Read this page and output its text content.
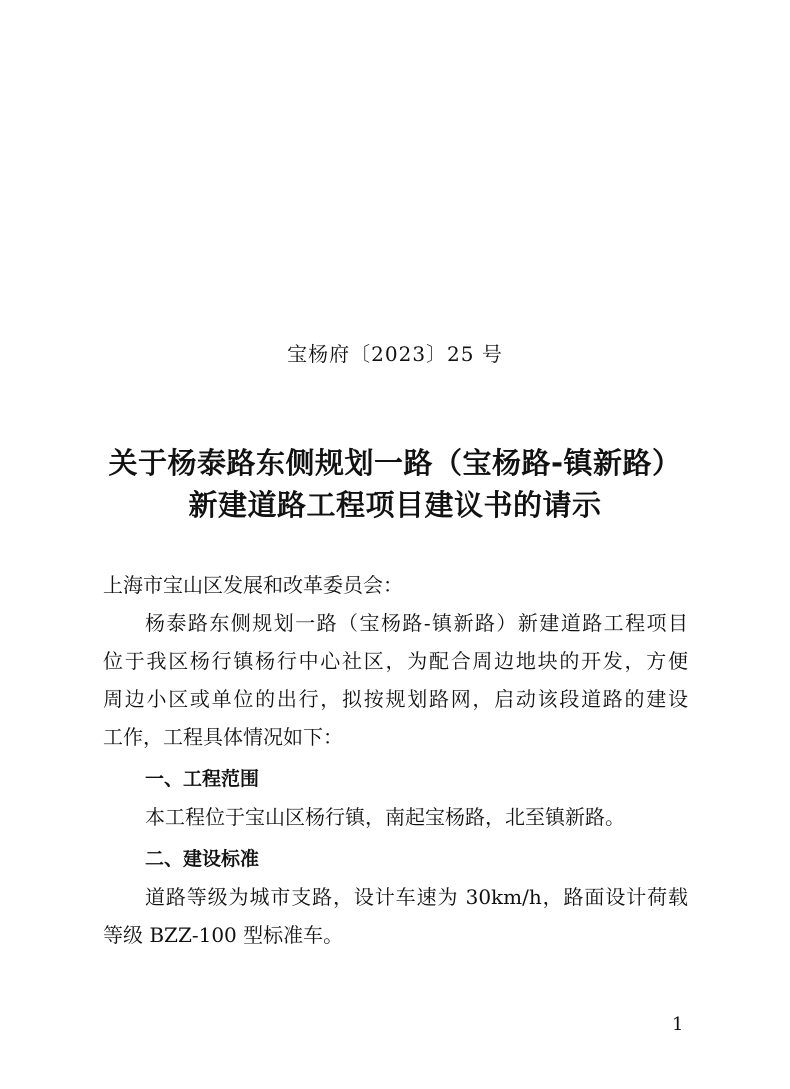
宝杨府〔2023〕25 号
关于杨泰路东侧规划一路（宝杨路-镇新路）
新建道路工程项目建议书的请示
上海市宝山区发展和改革委员会：
杨泰路东侧规划一路（宝杨路-镇新路）新建道路工程项目
位于我区杨行镇杨行中心社区，为配合周边地块的开发，方便
周边小区或单位的出行，拟按规划路网，启动该段道路的建设
工作，工程具体情况如下：
一、工程范围
本工程位于宝山区杨行镇，南起宝杨路，北至镇新路。
二、建设标准
道路等级为城市支路，设计车速为 30km/h，路面设计荷载
等级 BZZ-100 型标准车。
1
